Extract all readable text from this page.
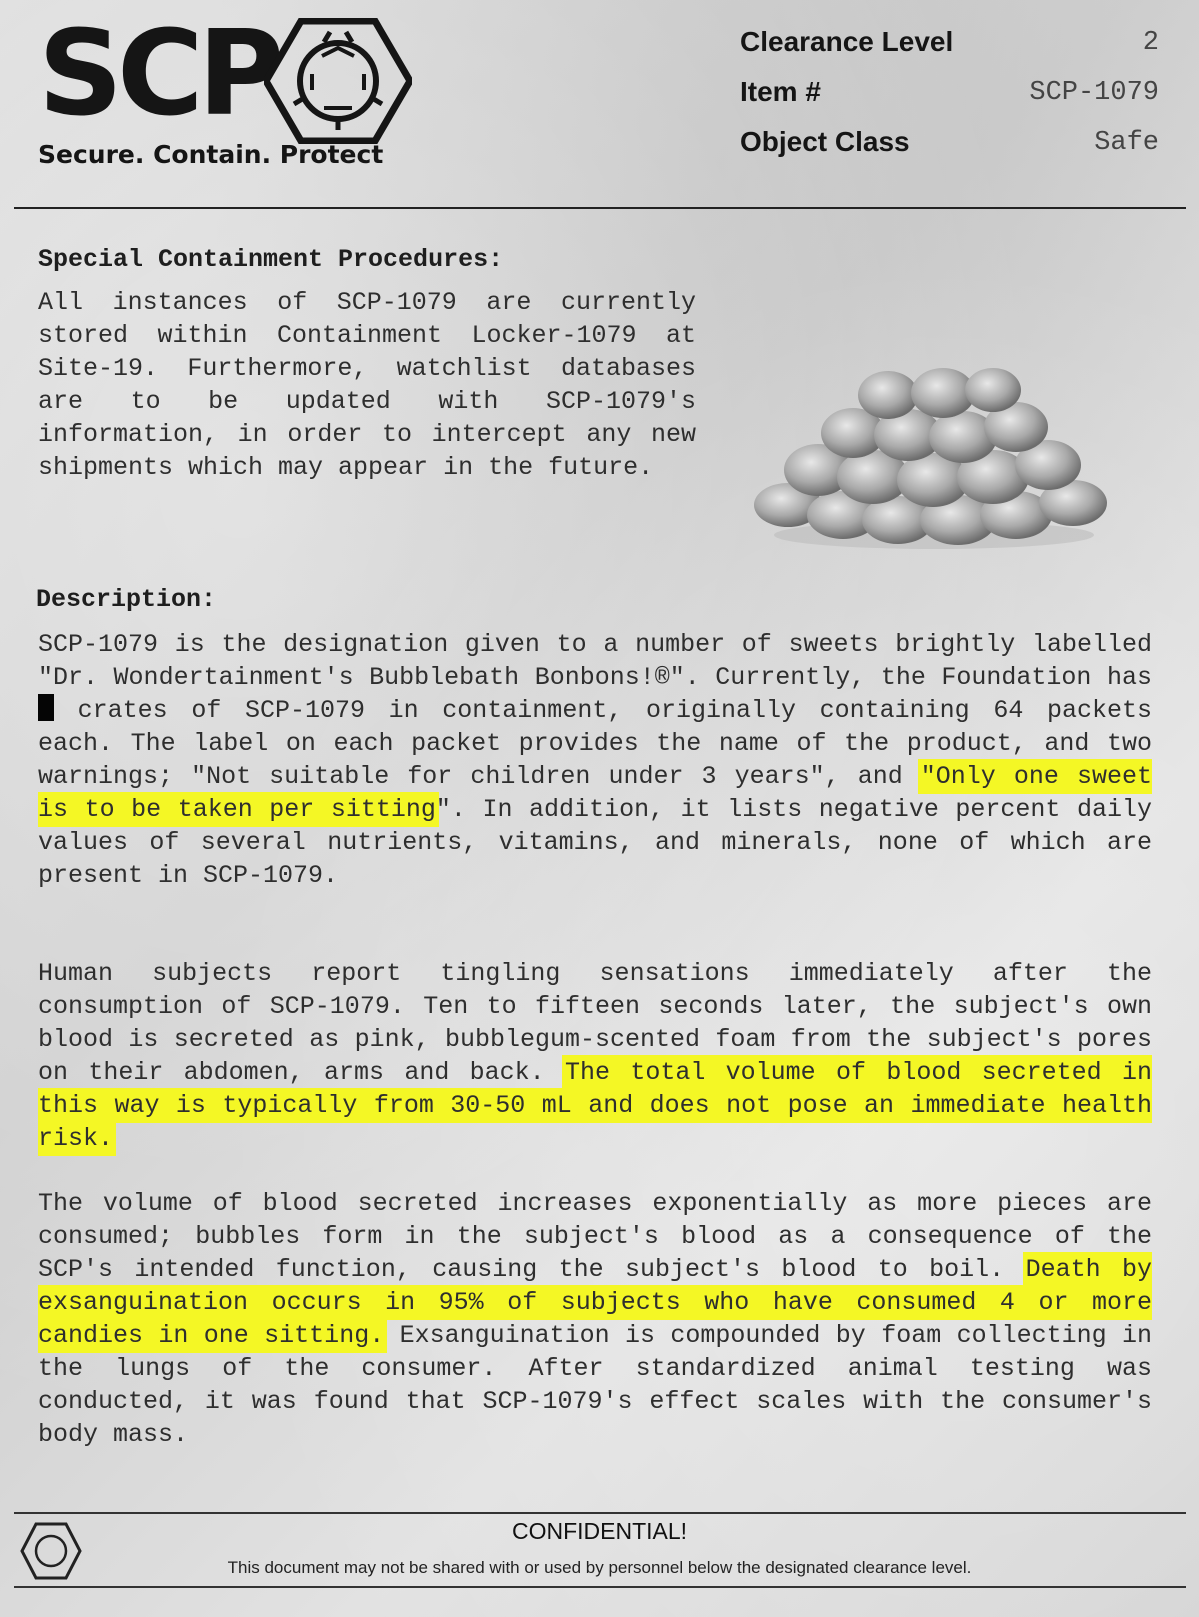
SCP
Secure. Contain. Protect
Clearance Level	2
Item #	SCP-1079
Object Class	Safe
Special Containment Procedures:
All instances of SCP-1079 are currently stored within Containment Locker-1079 at Site-19. Furthermore, watchlist databases are to be updated with SCP-1079's information, in order to intercept any new shipments which may appear in the future.
Description:
SCP-1079 is the designation given to a number of sweets brightly labelled "Dr. Wondertainment's Bubblebath Bonbons!®". Currently, the Foundation has  crates of SCP-1079 in containment, originally containing 64 packets each. The label on each packet provides the name of the product, and two warnings; "Not suitable for children under 3 years", and "Only one sweet is to be taken per sitting". In addition, it lists negative percent daily values of several nutrients, vitamins, and minerals, none of which are present in SCP-1079.
Human subjects report tingling sensations immediately after the consumption of SCP-1079. Ten to fifteen seconds later, the subject's own blood is secreted as pink, bubblegum-scented foam from the subject's pores on their abdomen, arms and back. The total volume of blood secreted in this way is typically from 30-50 mL and does not pose an immediate health risk.
The volume of blood secreted increases exponentially as more pieces are consumed; bubbles form in the subject's blood as a consequence of the SCP's intended function, causing the subject's blood to boil. Death by exsanguination occurs in 95% of subjects who have consumed 4 or more candies in one sitting. Exsanguination is compounded by foam collecting in the lungs of the consumer. After standardized animal testing was conducted, it was found that SCP-1079's effect scales with the consumer's body mass.
CONFIDENTIAL!
This document may not be shared with or used by personnel below the designated clearance level.
